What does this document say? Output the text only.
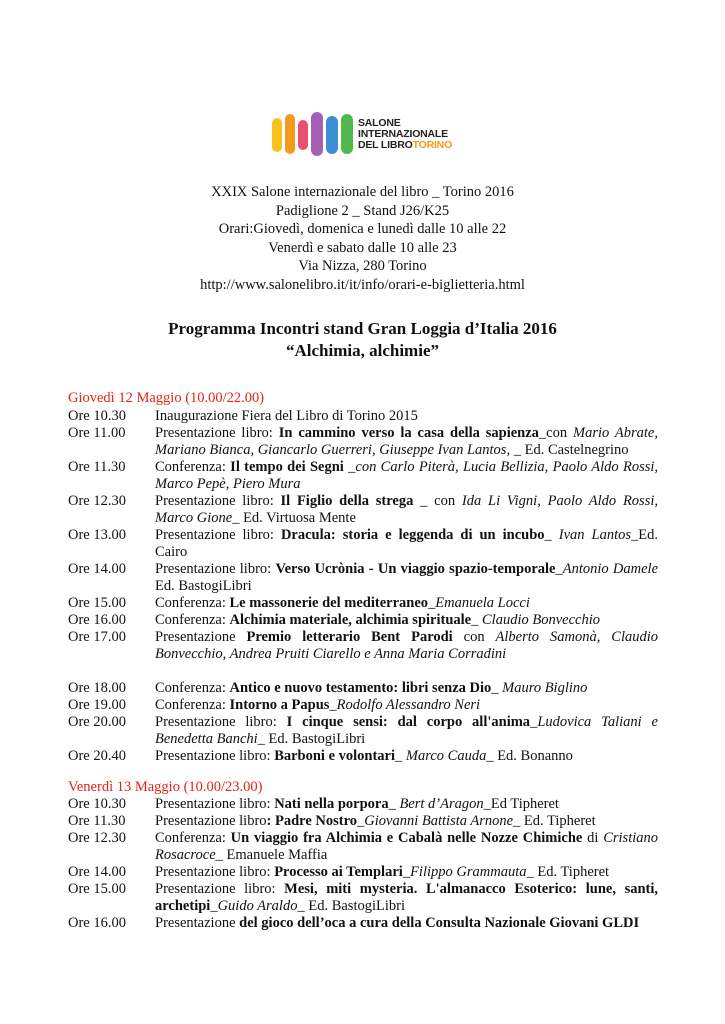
SALONE
INTERNAZIONALE
DEL LIBROTORINO
XXIX Salone internazionale del libro _ Torino 2016
Padiglione 2 _ Stand J26/K25
Orari:Giovedì, domenica e lunedì dalle 10 alle 22
Venerdì e sabato dalle 10 alle 23
Via Nizza, 280 Torino
http://www.salonelibro.it/it/info/orari-e-biglietteria.html
Programma Incontri stand Gran Loggia d’Italia 2016
“Alchimia, alchimie”
Giovedì 12 Maggio (10.00/22.00)
Ore 10.30	Inaugurazione Fiera del Libro di Torino 2015
Ore 11.00	Presentazione libro: In cammino verso la casa della sapienza_con Mario Abrate, Mariano Bianca, Giancarlo Guerreri, Giuseppe Ivan Lantos, _ Ed. Castelnegrino
Ore 11.30	Conferenza: Il tempo dei Segni _con Carlo Piterà, Lucia Bellizia, Paolo Aldo Rossi, Marco Pepè, Piero Mura
Ore 12.30	Presentazione libro: Il Figlio della strega _ con Ida Li Vigni, Paolo Aldo Rossi, Marco Gione_ Ed. Virtuosa Mente
Ore 13.00	Presentazione libro: Dracula: storia e leggenda di un incubo_ Ivan Lantos_Ed. Cairo
Ore 14.00	Presentazione libro: Verso Ucrònia - Un viaggio spazio-temporale_Antonio Damele Ed. BastogiLibri
Ore 15.00	Conferenza: Le massonerie del mediterraneo_Emanuela Locci
Ore 16.00	Conferenza: Alchimia materiale, alchimia spirituale_ Claudio Bonvecchio
Ore 17.00	Presentazione Premio letterario Bent Parodi con Alberto Samonà, Claudio Bonvecchio, Andrea Pruiti Ciarello e Anna Maria Corradini
Ore 18.00	Conferenza: Antico e nuovo testamento: libri senza Dio_ Mauro Biglino
Ore 19.00	Conferenza: Intorno a Papus_Rodolfo Alessandro Neri
Ore 20.00	Presentazione libro: I cinque sensi: dal corpo all'anima_Ludovica Taliani e Benedetta Banchi_ Ed. BastogiLibri
Ore 20.40	Presentazione libro: Barboni e volontari_ Marco Cauda_ Ed. Bonanno
Venerdì 13 Maggio (10.00/23.00)
Ore 10.30	Presentazione libro: Nati nella porpora_ Bert d’Aragon_Ed Tipheret
Ore 11.30	Presentazione libro: Padre Nostro_Giovanni Battista Arnone_ Ed. Tipheret
Ore 12.30	Conferenza: Un viaggio fra Alchimia e Cabalà nelle Nozze Chimiche di Cristiano Rosacroce_ Emanuele Maffia
Ore 14.00	Presentazione libro: Processo ai Templari_Filippo Grammauta_ Ed. Tipheret
Ore 15.00	Presentazione libro: Mesi, miti mysteria. L'almanacco Esoterico: lune, santi, archetipi_Guido Araldo_ Ed. BastogiLibri
Ore 16.00	Presentazione del gioco dell’oca a cura della Consulta Nazionale Giovani GLDI
